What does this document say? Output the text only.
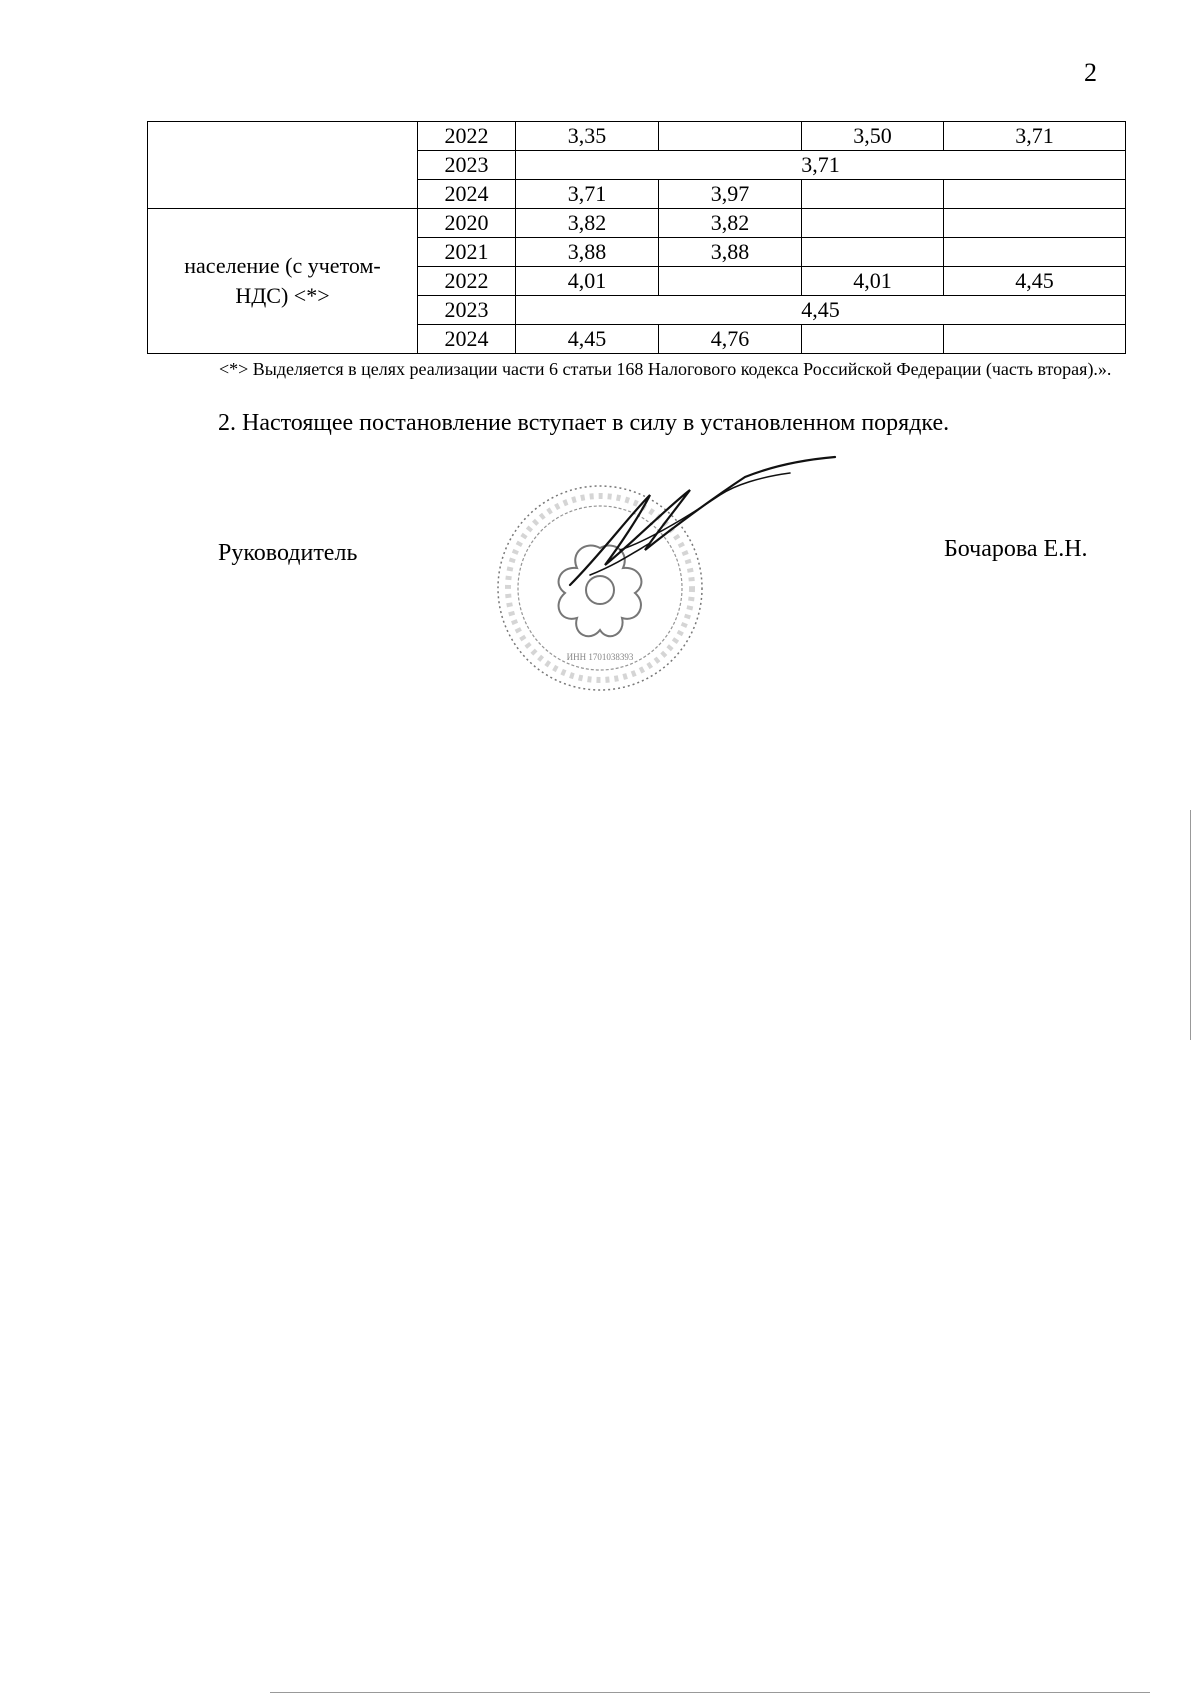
2
	2022	3,35		3,50	3,71
	2023	3,71			
	2024	3,71	3,97		
население (с учетом-НДС) <*>	2020	3,82	3,82		
	2021	3,88	3,88		
	2022	4,01		4,01	4,45
	2023	4,45			
	2024	4,45	4,76		
<*> Выделяется в целях реализации части 6 статьи 168 Налогового кодекса Российской Федерации (часть вторая).».
2. Настоящее постановление вступает в силу в установленном порядке.
Руководитель	Бочарова Е.Н.
ИНН 1701038393
